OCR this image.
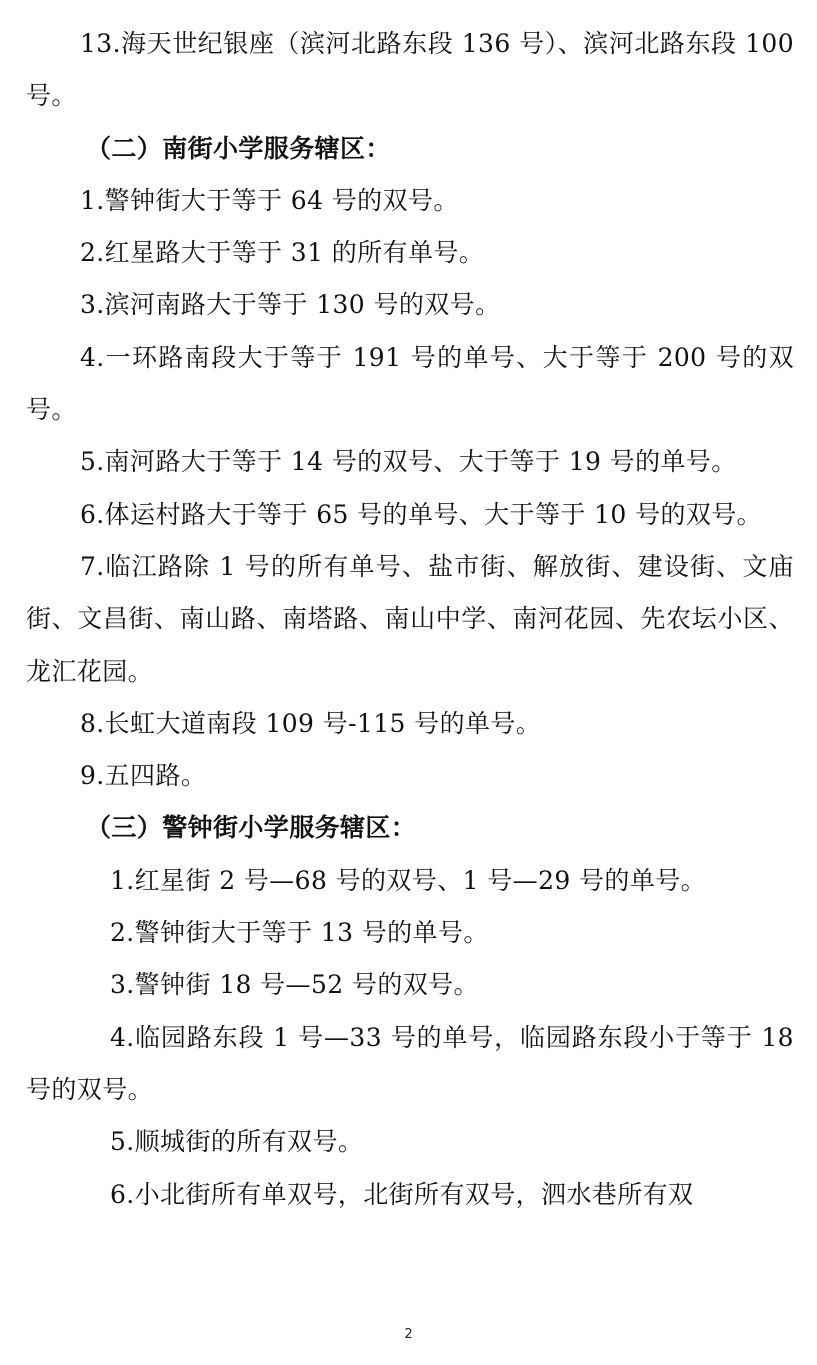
13.海天世纪银座（滨河北路东段 136 号）、滨河北路东段 100 号。

（二）南街小学服务辖区：

1.警钟街大于等于 64 号的双号。

2.红星路大于等于 31 的所有单号。

3.滨河南路大于等于 130 号的双号。

4.一环路南段大于等于 191 号的单号、大于等于 200 号的双号。

5.南河路大于等于 14 号的双号、大于等于 19 号的单号。

6.体运村路大于等于 65 号的单号、大于等于 10 号的双号。

7.临江路除 1 号的所有单号、盐市街、解放街、建设街、文庙街、文昌街、南山路、南塔路、南山中学、南河花园、先农坛小区、龙汇花园。

8.长虹大道南段 109 号-115 号的单号。

9.五四路。

（三）警钟街小学服务辖区：

1.红星街 2 号—68 号的双号、1 号—29 号的单号。

2.警钟街大于等于 13 号的单号。

3.警钟街 18 号—52 号的双号。

4.临园路东段 1 号—33 号的单号，临园路东段小于等于 18 号的双号。

5.顺城街的所有双号。

6.小北街所有单双号，北街所有双号，泗水巷所有双

2
